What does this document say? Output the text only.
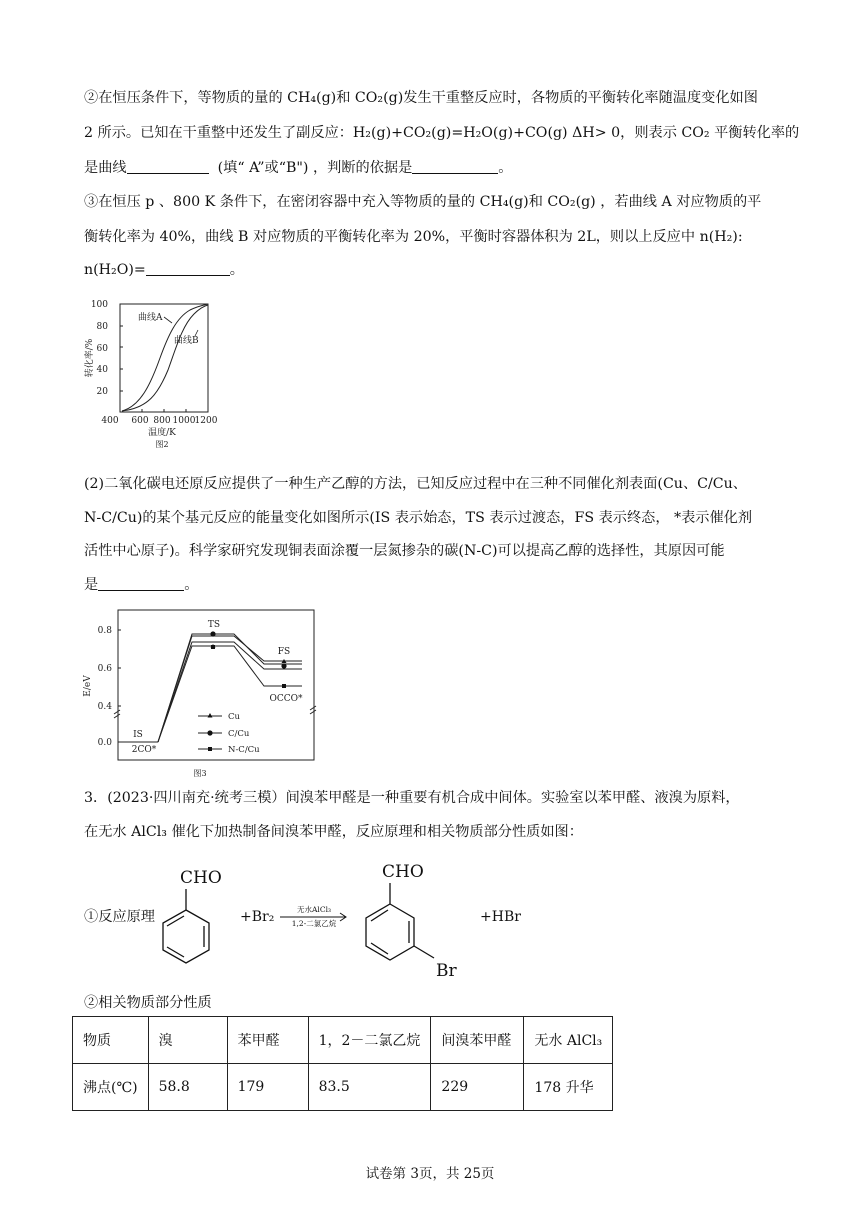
②在恒压条件下，等物质的量的 CH₄(g)和 CO₂(g)发生干重整反应时，各物质的平衡转化率随温度变化如图
2 所示。已知在干重整中还发生了副反应：H₂(g)+CO₂(g)=H₂O(g)+CO(g) ΔH> 0，则表示 CO₂ 平衡转化率的
是曲线	(填“ A”或“B") ，判断的依据是	。
③在恒压 p 、800 K 条件下，在密闭容器中充入等物质的量的 CH₄(g)和 CO₂(g) ，若曲线 A 对应物质的平
衡转化率为 40%，曲线 B 对应物质的平衡转化率为 20%，平衡时容器体积为 2L，则以上反应中 n(H₂):
n(H₂O)=	。
100
80
60
40
20
400 600 800 1000 1200
转化率/%
温度/K
图2
曲线A
曲线B
(2)二氧化碳电还原反应提供了一种生产乙醇的方法，已知反应过程中在三种不同催化剂表面(Cu、C/Cu、
N-C/Cu)的某个基元反应的能量变化如图所示(IS 表示始态，TS 表示过渡态，FS 表示终态， *表示催化剂
活性中心原子)。科学家研究发现铜表面涂覆一层氮掺杂的碳(N-C)可以提高乙醇的选择性，其原因可能
是	。
0.8
0.6
0.4
0.0
E/eV
IS
2CO*
TS
FS
OCCO*
Cu
C/Cu
N-C/Cu
图3
3．(2023·四川南充·统考三模）间溴苯甲醛是一种重要有机合成中间体。实验室以苯甲醛、液溴为原料，
在无水 AlCl₃ 催化下加热制备间溴苯甲醛，反应原理和相关物质部分性质如图：
①反应原理
CHO
+Br₂	无水AlCl₃
1,2-二氯乙烷
CHO
Br
+HBr
②相关物质部分性质
物质	溴	苯甲醛	1，2－二氯乙烷	间溴苯甲醛	无水 AlCl₃
沸点(℃)	58.8	179	83.5	229	178 升华
试卷第 3页，共 25页
